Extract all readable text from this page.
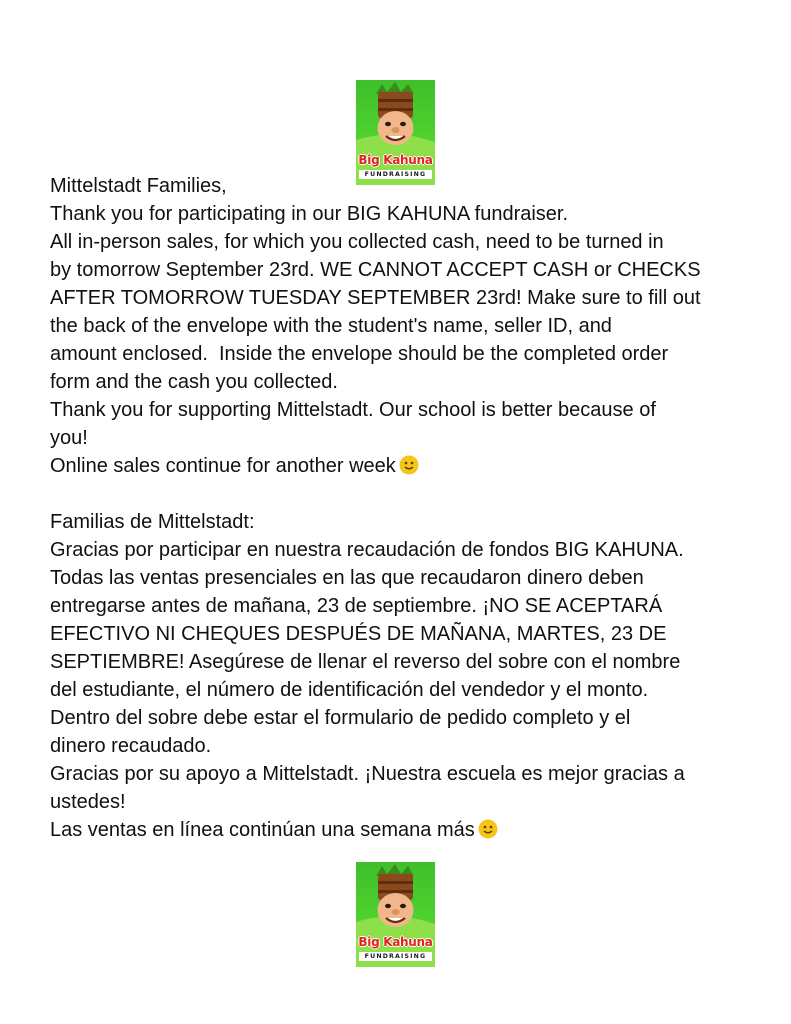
Big Kahuna
FUNDRAISING

Mittelstadt Families,

Thank you for participating in our BIG KAHUNA fundraiser.

All in-person sales, for which you collected cash, need to be turned in

by tomorrow September 23rd. WE CANNOT ACCEPT CASH or CHECKS

AFTER TOMORROW TUESDAY SEPTEMBER 23rd! Make sure to fill out

the back of the envelope with the student's name, seller ID, and

amount enclosed.  Inside the envelope should be the completed order

form and the cash you collected.

Thank you for supporting Mittelstadt. Our school is better because of

you!

Online sales continue for another week

Familias de Mittelstadt:

Gracias por participar en nuestra recaudación de fondos BIG KAHUNA.

Todas las ventas presenciales en las que recaudaron dinero deben

entregarse antes de mañana, 23 de septiembre. ¡NO SE ACEPTARÁ

EFECTIVO NI CHEQUES DESPUÉS DE MAÑANA, MARTES, 23 DE

SEPTIEMBRE! Asegúrese de llenar el reverso del sobre con el nombre

del estudiante, el número de identificación del vendedor y el monto.

Dentro del sobre debe estar el formulario de pedido completo y el

dinero recaudado.

Gracias por su apoyo a Mittelstadt. ¡Nuestra escuela es mejor gracias a

ustedes!

Las ventas en línea continúan una semana más

Big Kahuna
FUNDRAISING
